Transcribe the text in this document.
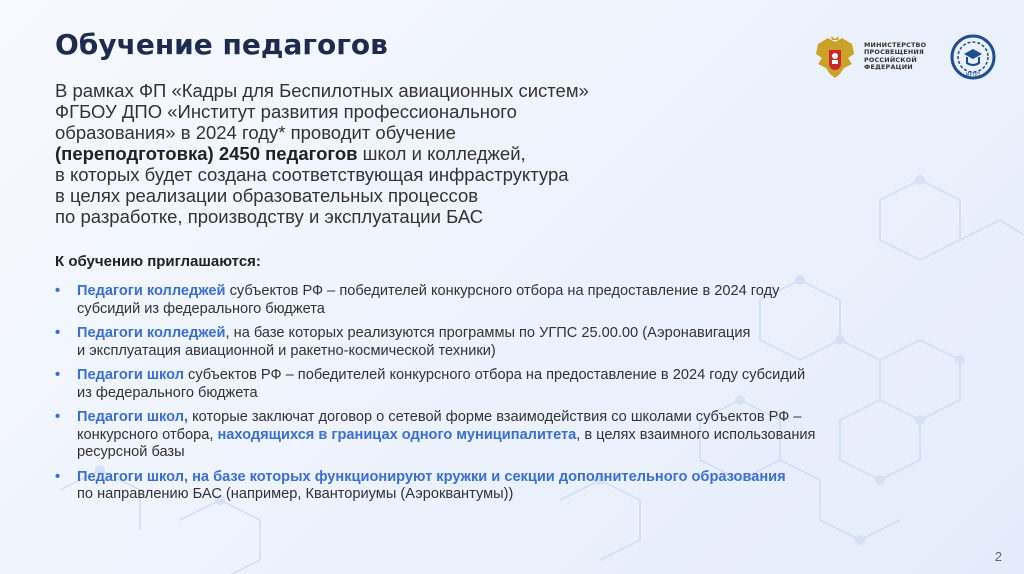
Обучение педагогов	МИНИСТЕРСТВО
ПРОСВЕЩЕНИЯ
РОССИЙСКОЙ
ФЕДЕРАЦИИ
ИРПО

В рамках ФП «Кадры для Беспилотных авиационных систем»
ФГБОУ ДПО «Институт развития профессионального
образования» в 2024 году* проводит обучение
(переподготовка) 2450 педагогов школ и колледжей,
в которых будет создана соответствующая инфраструктура
в целях реализации образовательных процессов
по разработке, производству и эксплуатации БАС

К обучению приглашаются:

• Педагоги колледжей субъектов РФ – победителей конкурсного отбора на предоставление в 2024 году
субсидий из федерального бюджета
• Педагоги колледжей, на базе которых реализуются программы по УГПС 25.00.00 (Аэронавигация
и эксплуатация авиационной и ракетно-космической техники)
• Педагоги школ субъектов РФ – победителей конкурсного отбора на предоставление в 2024 году субсидий
из федерального бюджета
• Педагоги школ, которые заключат договор о сетевой форме взаимодействия со школами субъектов РФ –
конкурсного отбора, находящихся в границах одного муниципалитета, в целях взаимного использования
ресурсной базы
• Педагоги школ, на базе которых функционируют кружки и секции дополнительного образования
по направлению БАС (например, Кванториумы (Аэроквантумы))
2
